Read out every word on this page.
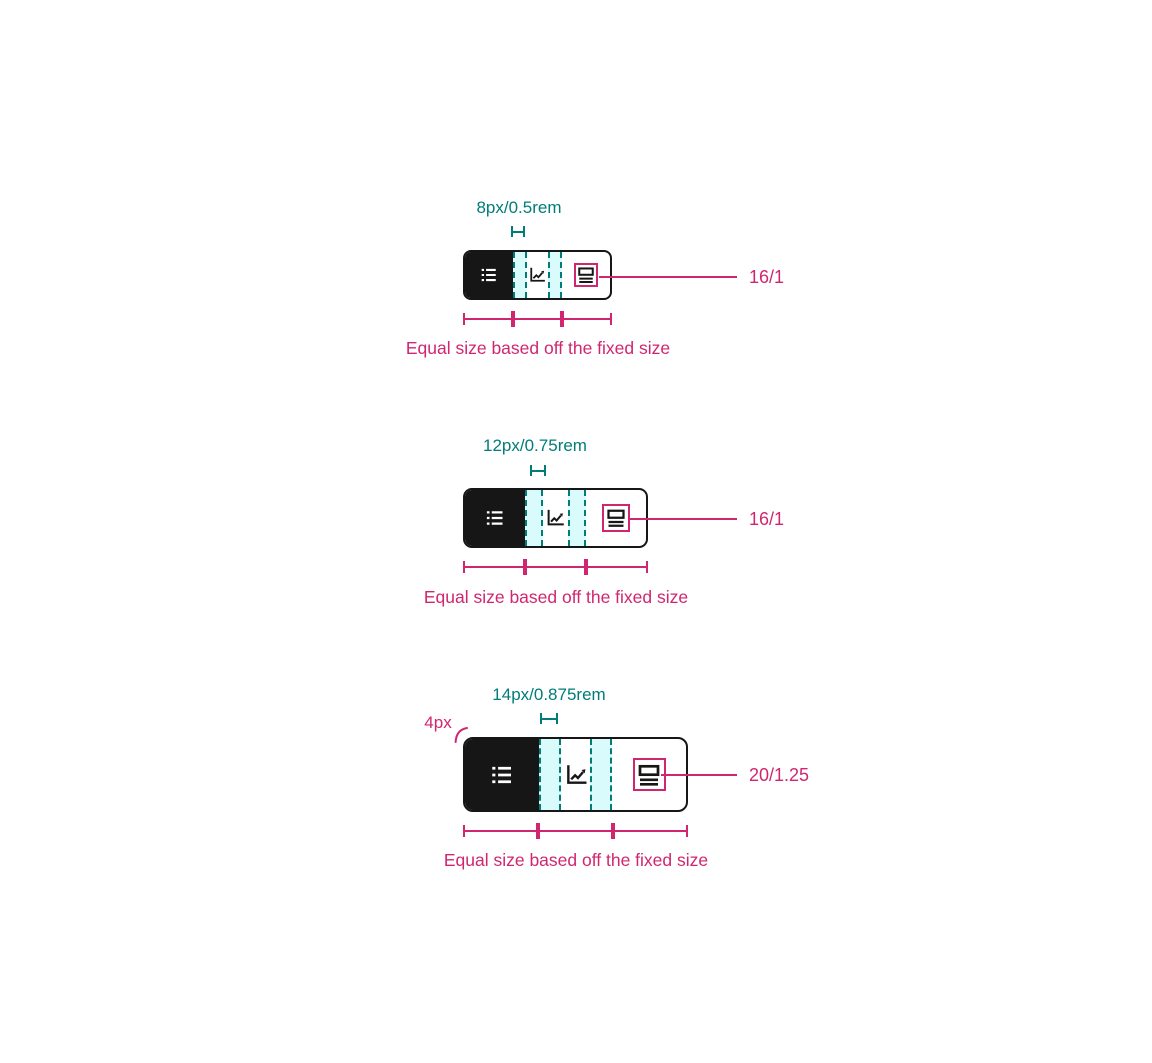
8px/0.5rem
16/1
Equal size based off the fixed size
12px/0.75rem
16/1
Equal size based off the fixed size
14px/0.875rem
4px
20/1.25
Equal size based off the fixed size
